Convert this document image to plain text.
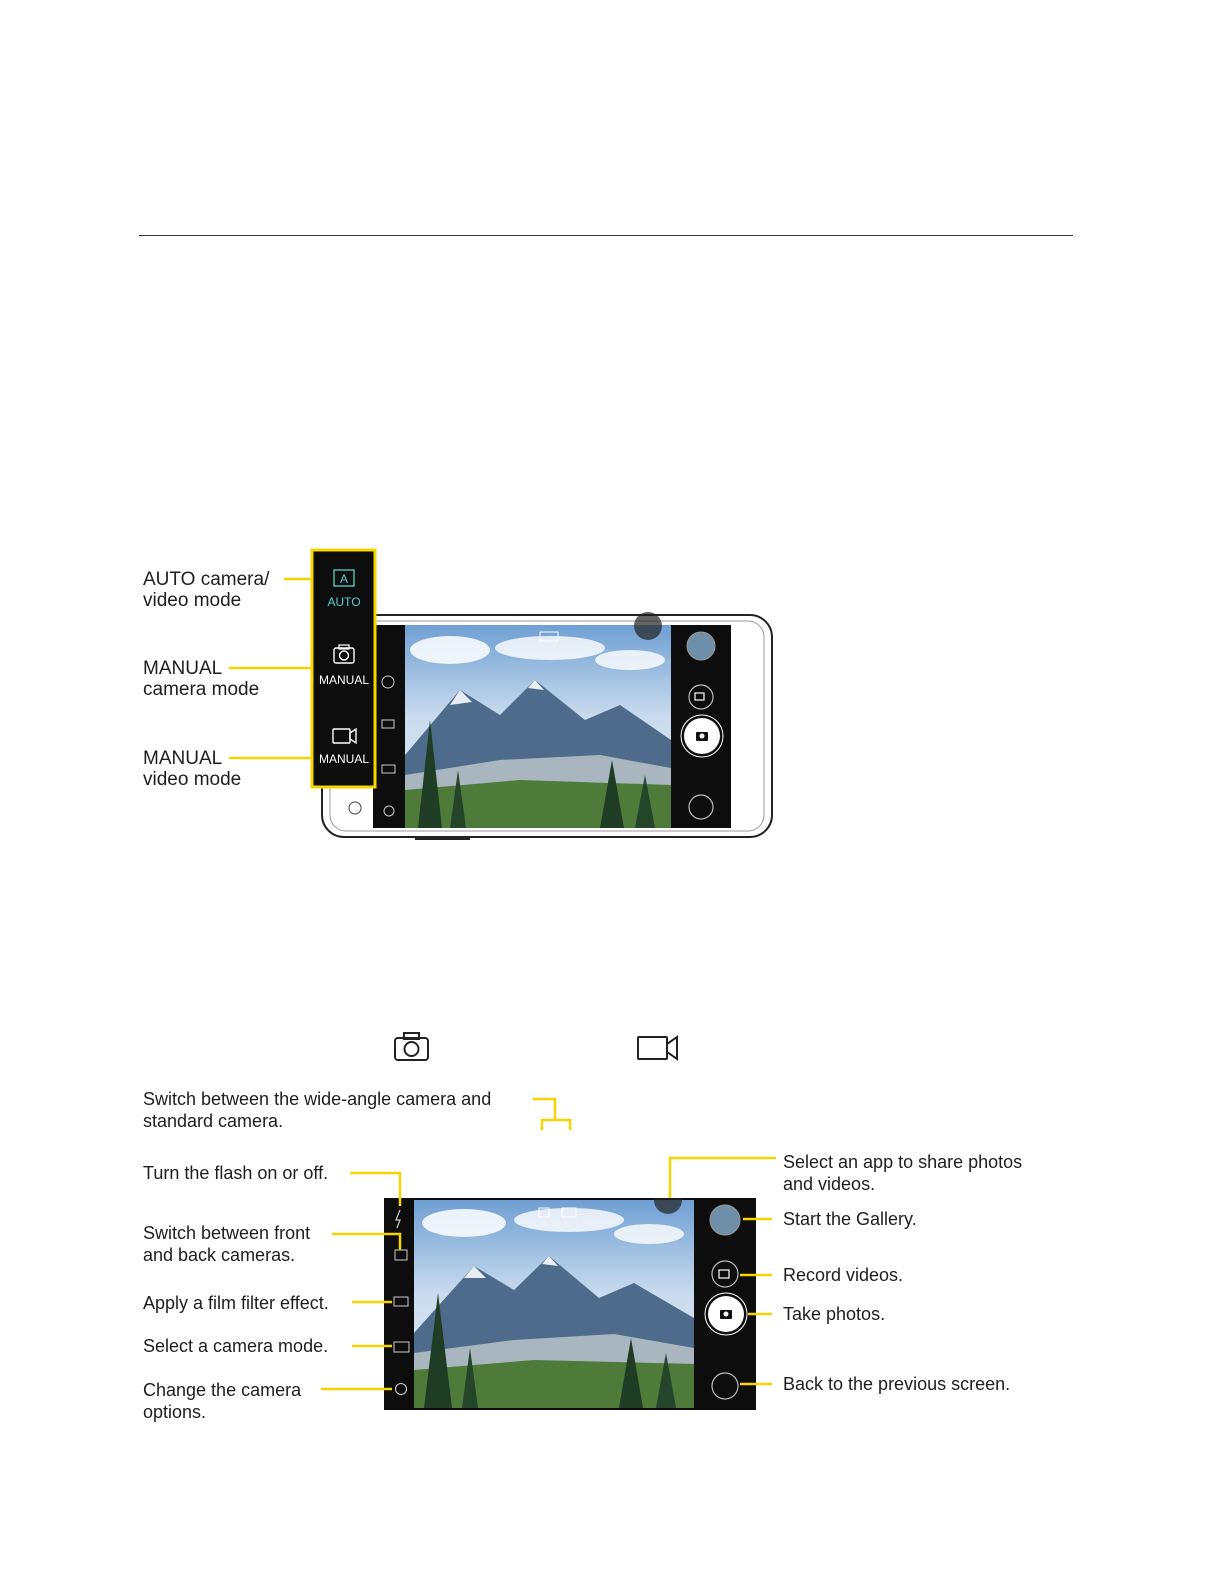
A
AUTO
MANUAL
MANUAL
AUTO camera/
video mode
MANUAL
camera mode
MANUAL
video mode
Switch between the wide-angle camera and
standard camera.
Turn the flash on or off.
Switch between front
and back cameras.
Apply a film filter effect.
Select a camera mode.
Change the camera
options.
Select an app to share photos
and videos.
Start the Gallery.
Record videos.
Take photos.
Back to the previous screen.
